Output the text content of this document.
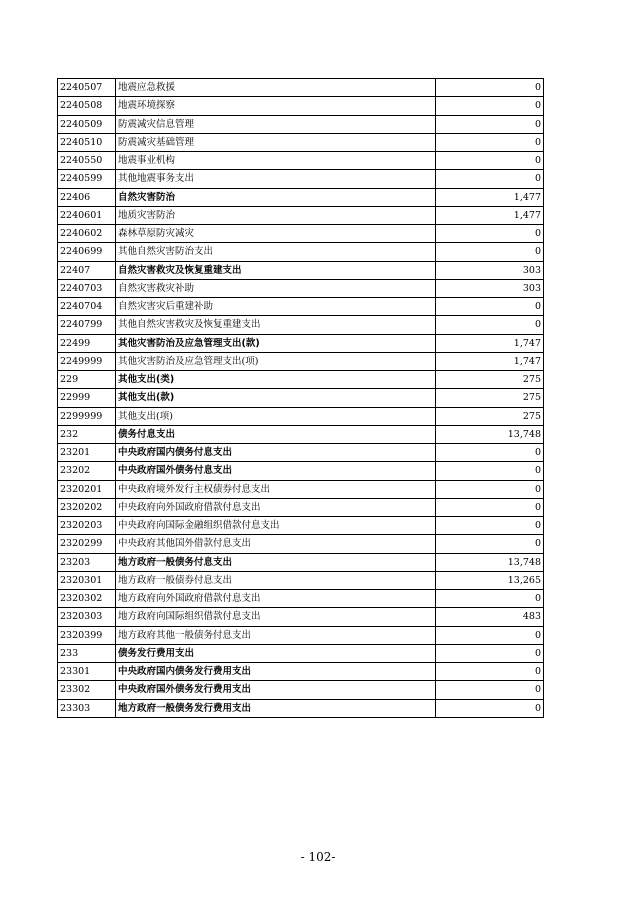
2240507	地震应急救援	0
2240508	地震环境探察	0
2240509	防震减灾信息管理	0
2240510	防震减灾基础管理	0
2240550	地震事业机构	0
2240599	其他地震事务支出	0
22406	自然灾害防治	1,477
2240601	地质灾害防治	1,477
2240602	森林草原防灾减灾	0
2240699	其他自然灾害防治支出	0
22407	自然灾害救灾及恢复重建支出	303
2240703	自然灾害救灾补助	303
2240704	自然灾害灾后重建补助	0
2240799	其他自然灾害救灾及恢复重建支出	0
22499	其他灾害防治及应急管理支出(款)	1,747
2249999	其他灾害防治及应急管理支出(项)	1,747
229	其他支出(类)	275
22999	其他支出(款)	275
2299999	其他支出(项)	275
232	债务付息支出	13,748
23201	中央政府国内债务付息支出	0
23202	中央政府国外债务付息支出	0
2320201	中央政府境外发行主权债券付息支出	0
2320202	中央政府向外国政府借款付息支出	0
2320203	中央政府向国际金融组织借款付息支出	0
2320299	中央政府其他国外借款付息支出	0
23203	地方政府一般债务付息支出	13,748
2320301	地方政府一般债券付息支出	13,265
2320302	地方政府向外国政府借款付息支出	0
2320303	地方政府向国际组织借款付息支出	483
2320399	地方政府其他一般债务付息支出	0
233	债务发行费用支出	0
23301	中央政府国内债务发行费用支出	0
23302	中央政府国外债务发行费用支出	0
23303	地方政府一般债务发行费用支出	0
- 102-
